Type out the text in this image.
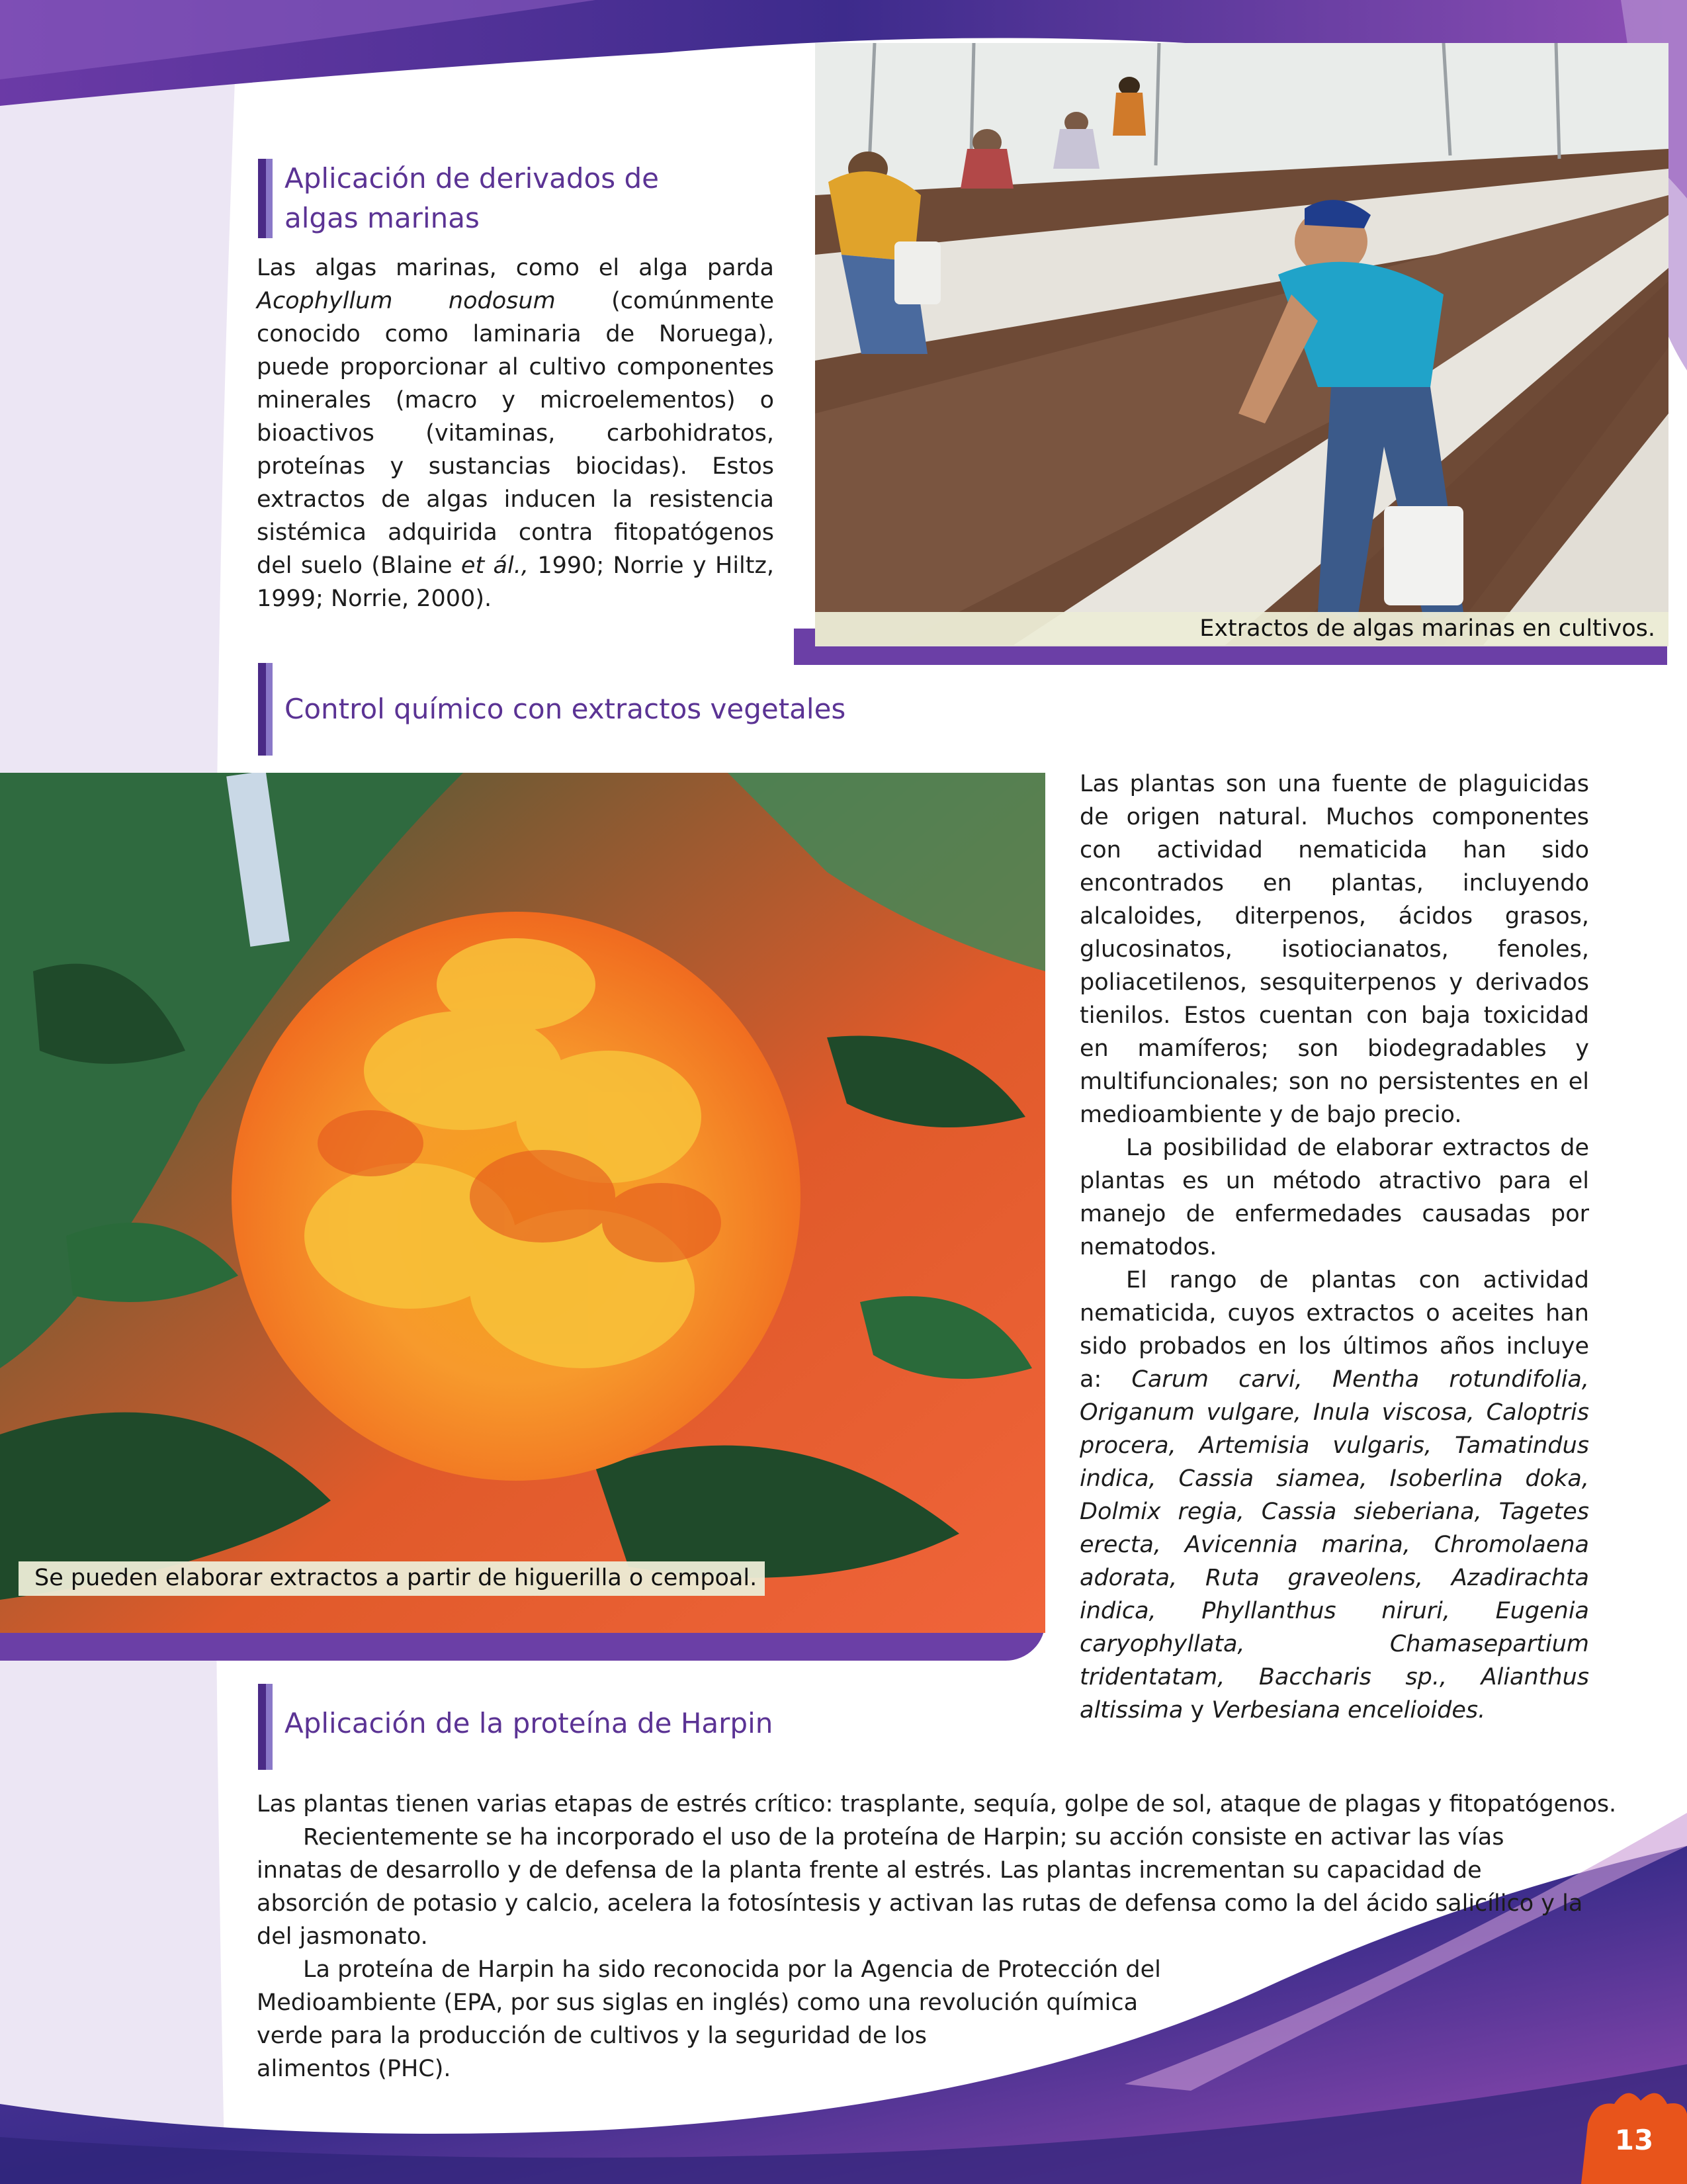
Aplicación de derivados de
algas marinas

Las algas marinas, como el alga parda Acophyllum nodosum (comúnmente conocido como laminaria de Noruega), puede proporcionar al cultivo componentes minerales (macro y microelementos) o bioactivos (vitaminas, carbohidratos, proteínas y sustancias biocidas). Estos extractos de algas inducen la resistencia sistémica adquirida contra fitopatógenos del suelo (Blaine et ál., 1990; Norrie y Hiltz, 1999; Norrie, 2000).

Extractos de algas marinas en cultivos.
Control químico con extractos vegetales
Se pueden elaborar extractos a partir de higuerilla o cempoal.

Las plantas son una fuente de plaguicidas de origen natural. Muchos componentes con actividad nematicida han sido encontrados en plantas, incluyendo alcaloides, diterpenos, ácidos grasos, glucosinatos, isotiocianatos, fenoles, poliacetilenos, sesquiterpenos y derivados tienilos. Estos cuentan con baja toxicidad en mamíferos; son biodegradables y multifuncionales; son no persistentes en el medioambiente y de bajo precio.

La posibilidad de elaborar extractos de plantas es un método atractivo para el manejo de enfermedades causadas por nematodos.

El rango de plantas con actividad nematicida, cuyos extractos o aceites han sido probados en los últimos años incluye a: Carum carvi, Mentha rotundifolia, Origanum vulgare, Inula viscosa, Caloptris procera, Artemisia vulgaris, Tamatindus indica, Cassia siamea, Isoberlina doka, Dolmix regia, Cassia sieberiana, Tagetes erecta, Avicennia marina, Chromolaena adorata, Ruta graveolens, Azadirachta indica, Phyllanthus niruri, Eugenia caryophyllata, Chamasepartium tridentatam, Baccharis sp., Alianthus altissima y Verbesiana encelioides.

Aplicación de la proteína de Harpin

Las plantas tienen varias etapas de estrés crítico: trasplante, sequía, golpe de sol, ataque de plagas y fitopatógenos.

Recientemente se ha incorporado el uso de la proteína de Harpin; su acción consiste en activar las vías innatas de desarrollo y de defensa de la planta frente al estrés. Las plantas incrementan su capacidad de absorción de potasio y calcio, acelera la fotosíntesis y activan las rutas de defensa como la del ácido salicílico y la del jasmonato.

La proteína de Harpin ha sido reconocida por la Agencia de Protección del
Medioambiente (EPA, por sus siglas en inglés) como una revolución química
verde para la producción de cultivos y la seguridad de los
alimentos (PHC).
13
